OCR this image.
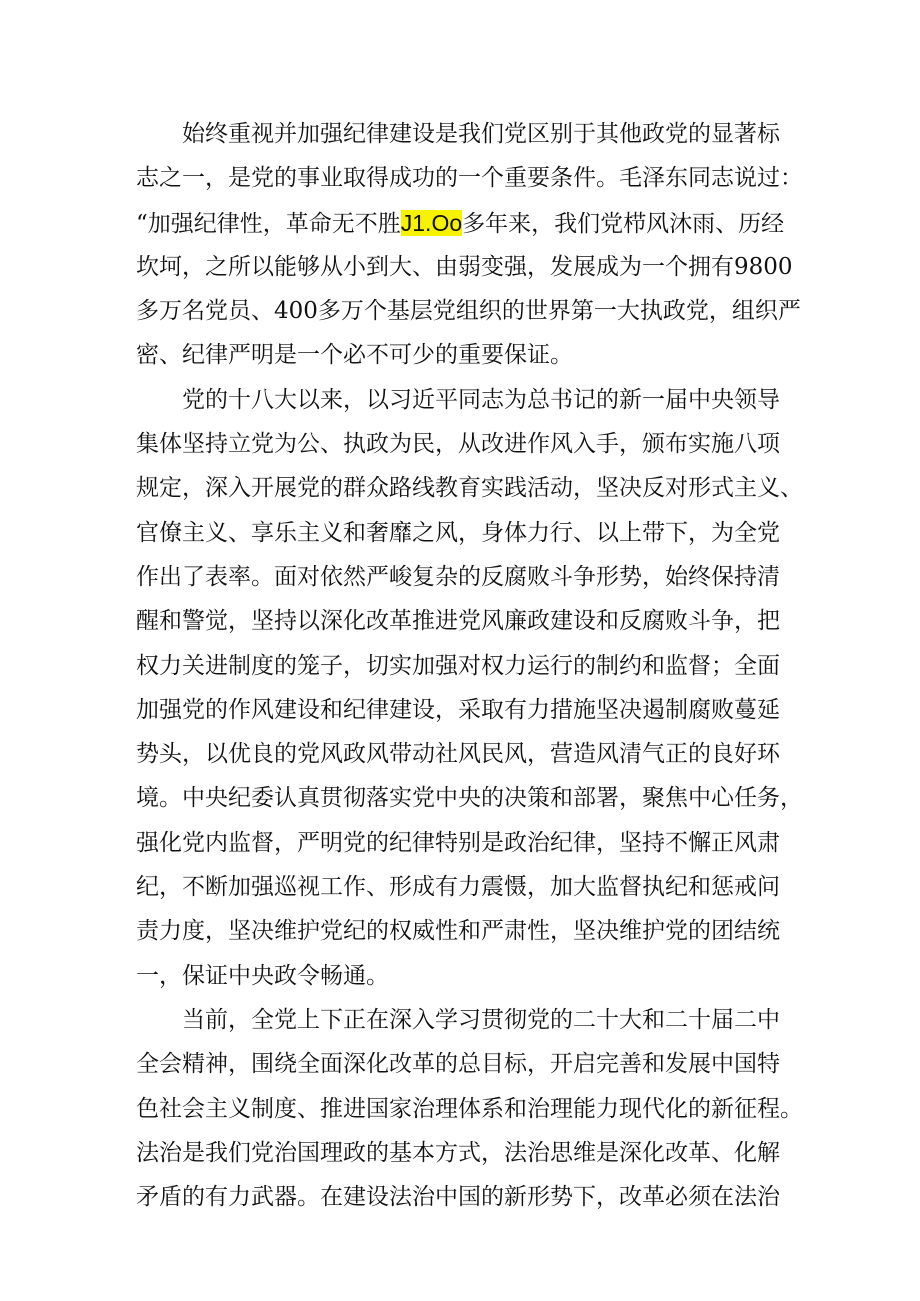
始终重视并加强纪律建设是我们党区别于其他政党的显著标
志之一，是党的事业取得成功的一个重要条件。毛泽东同志说过：
“加强纪律性，革命无不胜J1.Oo多年来，我们党栉风沐雨、历经
坎坷，之所以能够从小到大、由弱变强，发展成为一个拥有9800
多万名党员、400多万个基层党组织的世界第一大执政党，组织严
密、纪律严明是一个必不可少的重要保证。
党的十八大以来，以习近平同志为总书记的新一届中央领导
集体坚持立党为公、执政为民，从改进作风入手，颁布实施八项
规定，深入开展党的群众路线教育实践活动，坚决反对形式主义、
官僚主义、享乐主义和奢靡之风，身体力行、以上带下，为全党
作出了表率。面对依然严峻复杂的反腐败斗争形势，始终保持清
醒和警觉，坚持以深化改革推进党风廉政建设和反腐败斗争，把
权力关进制度的笼子，切实加强对权力运行的制约和监督；全面
加强党的作风建设和纪律建设，采取有力措施坚决遏制腐败蔓延
势头，以优良的党风政风带动社风民风，营造风清气正的良好环
境。中央纪委认真贯彻落实党中央的决策和部署，聚焦中心任务，
强化党内监督，严明党的纪律特别是政治纪律，坚持不懈正风肃
纪，不断加强巡视工作、形成有力震慑，加大监督执纪和惩戒问
责力度，坚决维护党纪的权威性和严肃性，坚决维护党的团结统
一，保证中央政令畅通。
当前，全党上下正在深入学习贯彻党的二十大和二十届二中
全会精神，围绕全面深化改革的总目标，开启完善和发展中国特
色社会主义制度、推进国家治理体系和治理能力现代化的新征程。
法治是我们党治国理政的基本方式，法治思维是深化改革、化解
矛盾的有力武器。在建设法治中国的新形势下，改革必须在法治
